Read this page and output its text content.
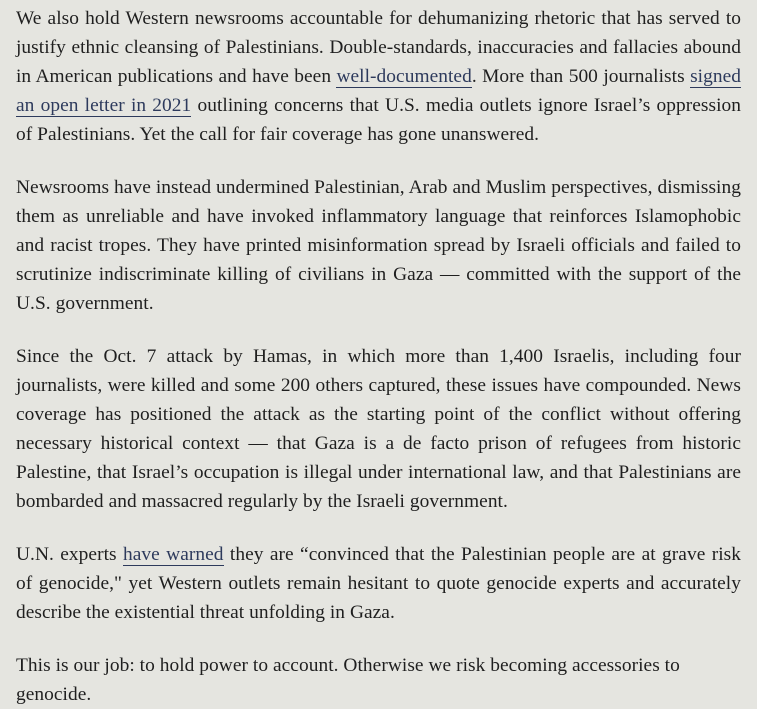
We also hold Western newsrooms accountable for dehumanizing rhetoric that has served to justify ethnic cleansing of Palestinians. Double-standards, inaccuracies and fallacies abound in American publications and have been well-documented. More than 500 journalists signed an open letter in 2021 outlining concerns that U.S. media outlets ignore Israel’s oppression of Palestinians. Yet the call for fair coverage has gone unanswered.

Newsrooms have instead undermined Palestinian, Arab and Muslim perspectives, dismissing them as unreliable and have invoked inflammatory language that reinforces Islamophobic and racist tropes. They have printed misinformation spread by Israeli officials and failed to scrutinize indiscriminate killing of civilians in Gaza — committed with the support of the U.S. government.

Since the Oct. 7 attack by Hamas, in which more than 1,400 Israelis, including four journalists, were killed and some 200 others captured, these issues have compounded. News coverage has positioned the attack as the starting point of the conflict without offering necessary historical context — that Gaza is a de facto prison of refugees from historic Palestine, that Israel’s occupation is illegal under international law, and that Palestinians are bombarded and massacred regularly by the Israeli government.

U.N. experts have warned they are “convinced that the Palestinian people are at grave risk of genocide," yet Western outlets remain hesitant to quote genocide experts and accurately describe the existential threat unfolding in Gaza.

This is our job: to hold power to account. Otherwise we risk becoming accessories to genocide.
